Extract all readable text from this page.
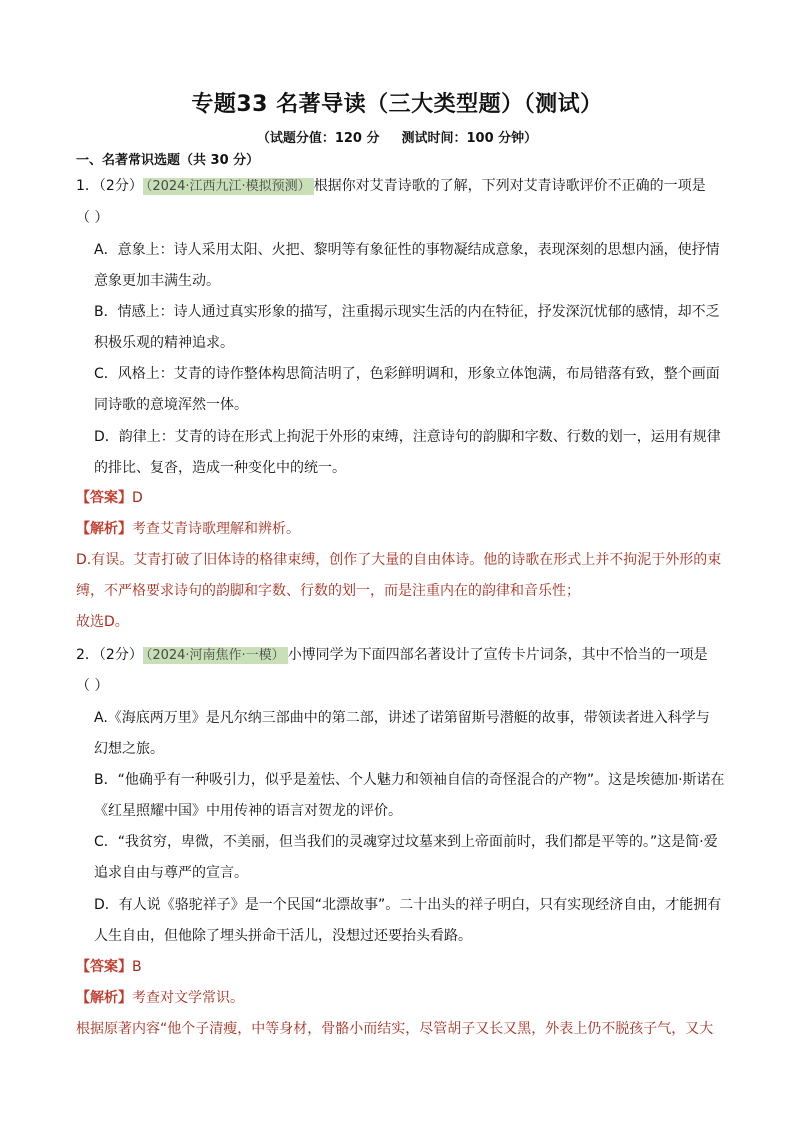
专题33 名著导读（三大类型题）（测试）
（试题分值：120 分 测试时间：100 分钟）
一、名著常识选题（共 30 分）
1．（2分） （2024·江西九江·模拟预测） 根据你对艾青诗歌的了解，下列对艾青诗歌评价不正确的一项是
（ ）
A．意象上：诗人采用太阳、火把、黎明等有象征性的事物凝结成意象，表现深刻的思想内涵，使抒情
意象更加丰满生动。
B．情感上：诗人通过真实形象的描写，注重揭示现实生活的内在特征，抒发深沉忧郁的感情，却不乏
积极乐观的精神追求。
C．风格上：艾青的诗作整体构思简洁明了，色彩鲜明调和，形象立体饱满，布局错落有致，整个画面
同诗歌的意境浑然一体。
D．韵律上：艾青的诗在形式上拘泥于外形的束缚，注意诗句的韵脚和字数、行数的划一，运用有规律
的排比、复沓，造成一种变化中的统一。
【答案】D
【解析】考查艾青诗歌理解和辨析。
D.有误。艾青打破了旧体诗的格律束缚，创作了大量的自由体诗。他的诗歌在形式上并不拘泥于外形的束
缚，不严格要求诗句的韵脚和字数、行数的划一，而是注重内在的韵律和音乐性；
故选D。
2．（2分） （2024·河南焦作·一模） 小博同学为下面四部名著设计了宣传卡片词条，其中不恰当的一项是
（ ）
A.《海底两万里》是凡尔纳三部曲中的第二部，讲述了诺第留斯号潜艇的故事，带领读者进入科学与
幻想之旅。
B．“他确乎有一种吸引力，似乎是羞怯、个人魅力和领袖自信的奇怪混合的产物”。这是埃德加·斯诺在
《红星照耀中国》中用传神的语言对贺龙的评价。
C．“我贫穷，卑微，不美丽，但当我们的灵魂穿过坟墓来到上帝面前时，我们都是平等的。”这是简·爱
追求自由与尊严的宣言。
D．有人说《骆驼祥子》是一个民国“北漂故事”。二十出头的祥子明白，只有实现经济自由，才能拥有
人生自由，但他除了埋头拼命干活儿，没想过还要抬头看路。
【答案】B
【解析】考查对文学常识。
根据原著内容“他个子清瘦，中等身材，骨骼小而结实，尽管胡子又长又黑，外表上仍不脱孩子气，又大
